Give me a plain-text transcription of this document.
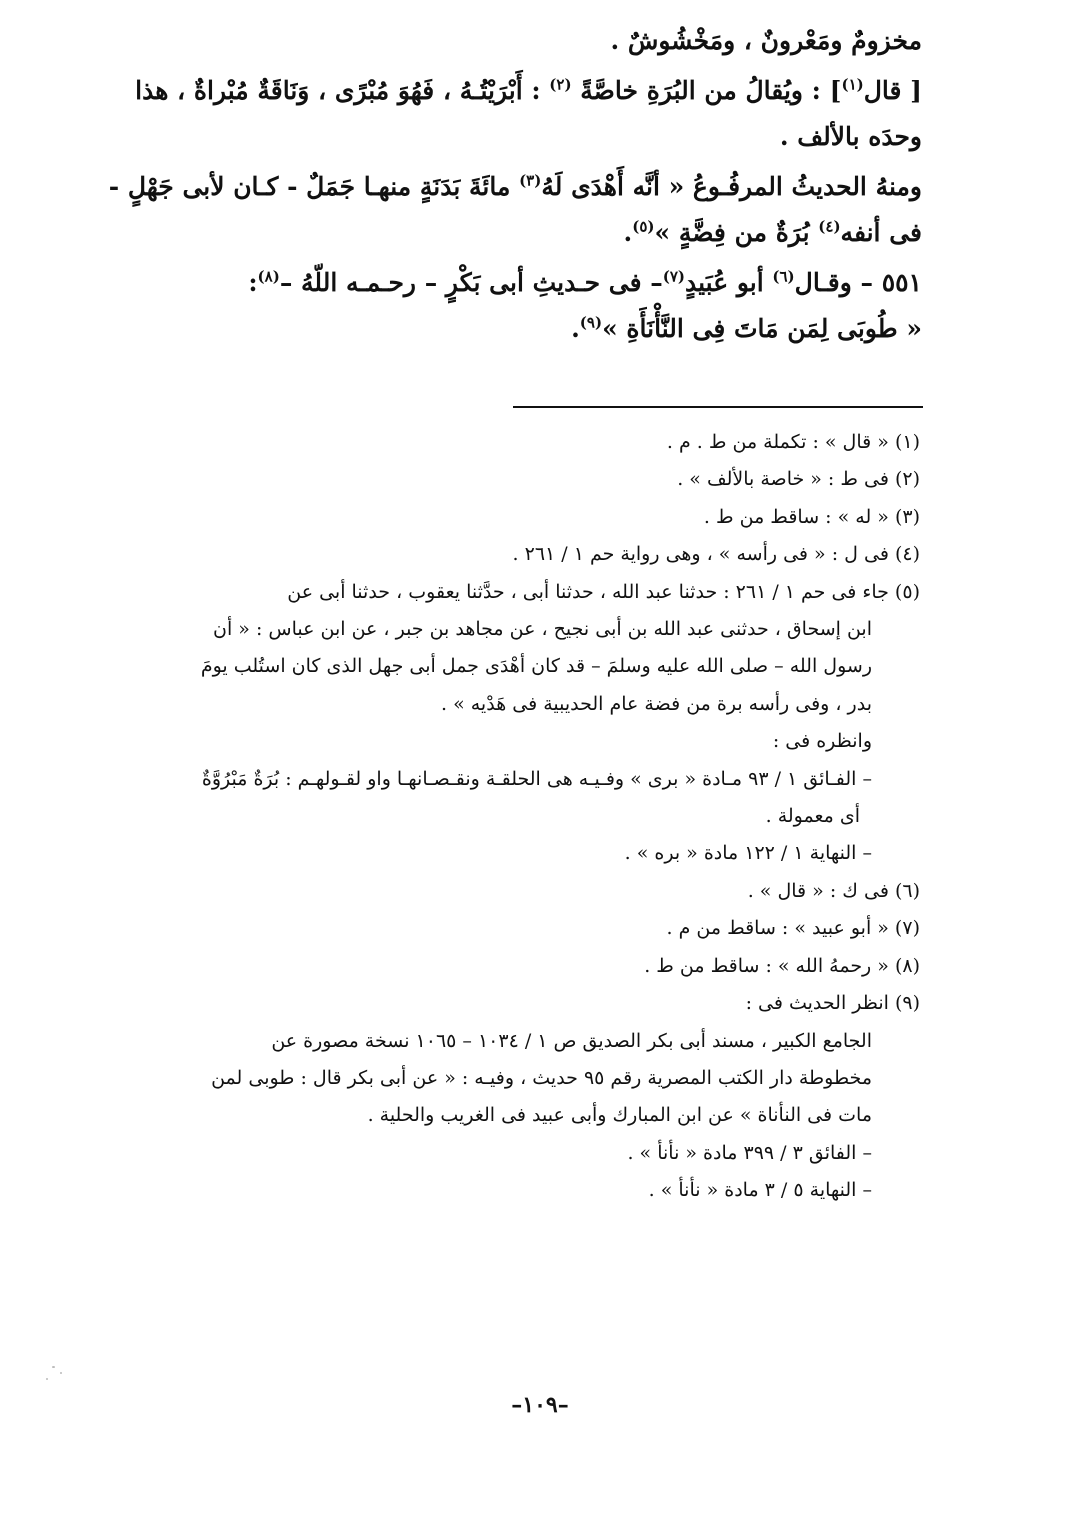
مخزومٌ ومَعْرونٌ ، ومَخْشُوشٌ .
[ قال$^{(١)}$] : ويُقالُ من البُرَةِ خاصَّةً $^{(٢)}$ : أَبْرَيْتُـهُ ، فَهُوَ مُبْرًى ، وَنَاقَةٌ مُبْراةٌ ، هذا
وحدَه بالألف .
ومنهُ الحديثُ المرفُـوعُ « أنَّه أَهْدَى لَهُ$^{(٣)}$ مائَةَ بَدَنَةٍ منهـا جَمَلٌ - كـان لأبى جَهْلٍ -
فى أنفه$^{(٤)}$ بُرَةٌ من فِضَّةٍ »$^{(٥)}$.
٥٥١ – وقـال$^{(٦)}$ أبو عُبَيدٍ$^{(٧)}$– فى حـديثِ أبى بَكْرٍ – رحـمـه اللّهُ –$^{(٨)}$:
« طُوبَى لِمَن مَاتَ فِى النَّأْنَأَةِ »$^{(٩)}$.
(١) « قال » : تكملة من ط . م .
(٢) فى ط : « خاصة بالألف » .
(٣) « له » : ساقط من ط .
(٤) فى ل : « فى رأسه » ، وهى رواية حم ١ / ٢٦١ .
(٥) جاء فى حم ١ / ٢٦١ : حدثنا عبد الله ، حدثنا أبى ، حدَّثنا يعقوب ، حدثنا أبى عن
ابن إسحاق ، حدثنى عبد الله بن أبى نجيح ، عن مجاهد بن جبر ، عن ابن عباس : « أن
رسول الله – صلى الله عليه وسلمَ – قد كان أهْدَى جمل أبى جهل الذى كان استُلب يومَ
بدر ، وفى رأسه برة من فضة عام الحديبية فى هَدْيه » .
وانظره فى :
– الفـائق ١ / ٩٣ مـادة « برى » وفـيـه هى الحلقـة ونقـصـانهـا واو لقـولهـم : بُرَةٌ مَبْرُوَّةٌ
أى معمولة .
– النهاية ١ / ١٢٢ مادة « بره » .
(٦) فى ك : « قال » .
(٧) « أبو عبيد » : ساقط من م .
(٨) « رحمهُ الله » : ساقط من ط .
(٩) انظر الحديث فى :
الجامع الكبير ، مسند أبى بكر الصديق ص ١ / ١٠٣٤ – ١٠٦٥ نسخة مصورة عن
مخطوطة دار الكتب المصرية رقم ٩٥ حديث ، وفيـه : « عن أبى بكر قال : طوبى لمن
مات فى النأناة » عن ابن المبارك وأبى عبيد فى الغريب والحلية .
– الفائق ٣ / ٣٩٩ مادة « نأنأ » .
– النهاية ٥ / ٣ مادة « نأنأ » .
–١٠٩–
